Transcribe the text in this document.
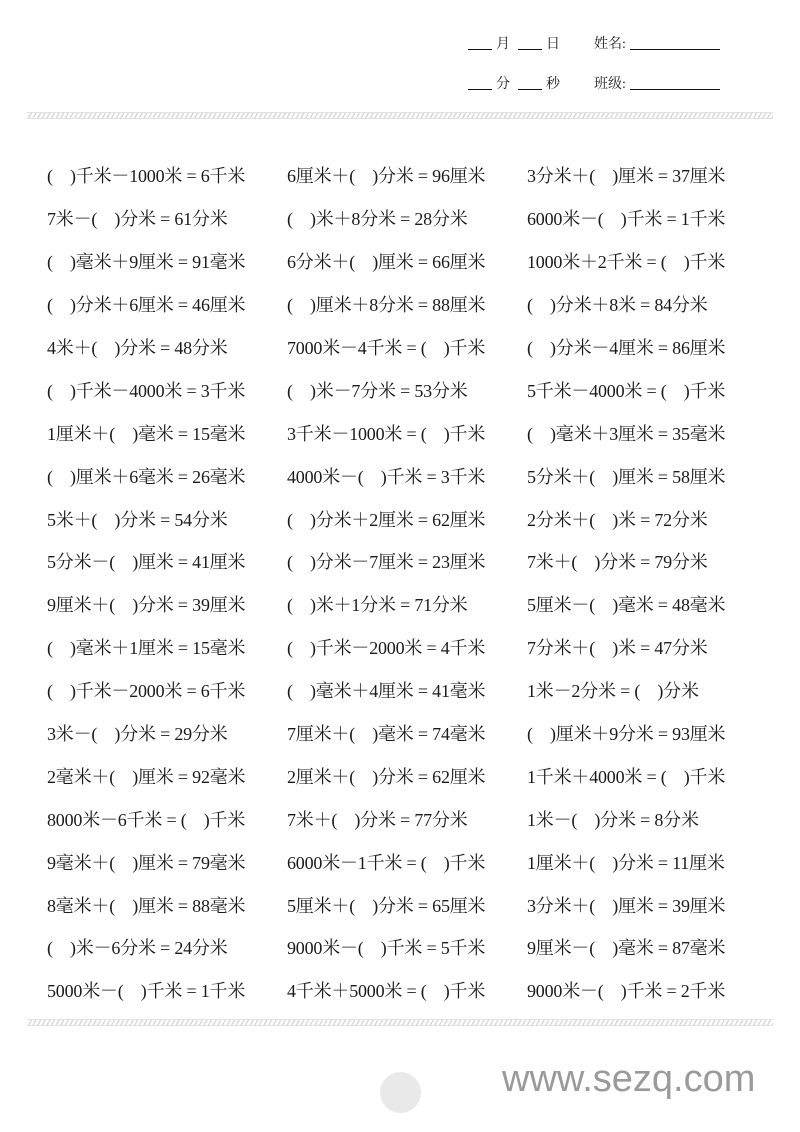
月	日 姓名:
分	秒 班级:
(    )千米－1000米 = 6千米	6厘米＋(    )分米 = 96厘米	3分米＋(    )厘米 = 37厘米
7米－(    )分米 = 61分米	(    )米＋8分米 = 28分米	6000米－(    )千米 = 1千米
(    )毫米＋9厘米 = 91毫米	6分米＋(    )厘米 = 66厘米	1000米＋2千米 = (    )千米
(    )分米＋6厘米 = 46厘米	(    )厘米＋8分米 = 88厘米	(    )分米＋8米 = 84分米
4米＋(    )分米 = 48分米	7000米－4千米 = (    )千米	(    )分米－4厘米 = 86厘米
(    )千米－4000米 = 3千米	(    )米－7分米 = 53分米	5千米－4000米 = (    )千米
1厘米＋(    )毫米 = 15毫米	3千米－1000米 = (    )千米	(    )毫米＋3厘米 = 35毫米
(    )厘米＋6毫米 = 26毫米	4000米－(    )千米 = 3千米	5分米＋(    )厘米 = 58厘米
5米＋(    )分米 = 54分米	(    )分米＋2厘米 = 62厘米	2分米＋(    )米 = 72分米
5分米－(    )厘米 = 41厘米	(    )分米－7厘米 = 23厘米	7米＋(    )分米 = 79分米
9厘米＋(    )分米 = 39厘米	(    )米＋1分米 = 71分米	5厘米－(    )毫米 = 48毫米
(    )毫米＋1厘米 = 15毫米	(    )千米－2000米 = 4千米	7分米＋(    )米 = 47分米
(    )千米－2000米 = 6千米	(    )毫米＋4厘米 = 41毫米	1米－2分米 = (    )分米
3米－(    )分米 = 29分米	7厘米＋(    )毫米 = 74毫米	(    )厘米＋9分米 = 93厘米
2毫米＋(    )厘米 = 92毫米	2厘米＋(    )分米 = 62厘米	1千米＋4000米 = (    )千米
8000米－6千米 = (    )千米	7米＋(    )分米 = 77分米	1米－(    )分米 = 8分米
9毫米＋(    )厘米 = 79毫米	6000米－1千米 = (    )千米	1厘米＋(    )分米 = 11厘米
8毫米＋(    )厘米 = 88毫米	5厘米＋(    )分米 = 65厘米	3分米＋(    )厘米 = 39厘米
(    )米－6分米 = 24分米	9000米－(    )千米 = 5千米	9厘米－(    )毫米 = 87毫米
5000米－(    )千米 = 1千米	4千米＋5000米 = (    )千米	9000米－(    )千米 = 2千米
www.sezq.com
